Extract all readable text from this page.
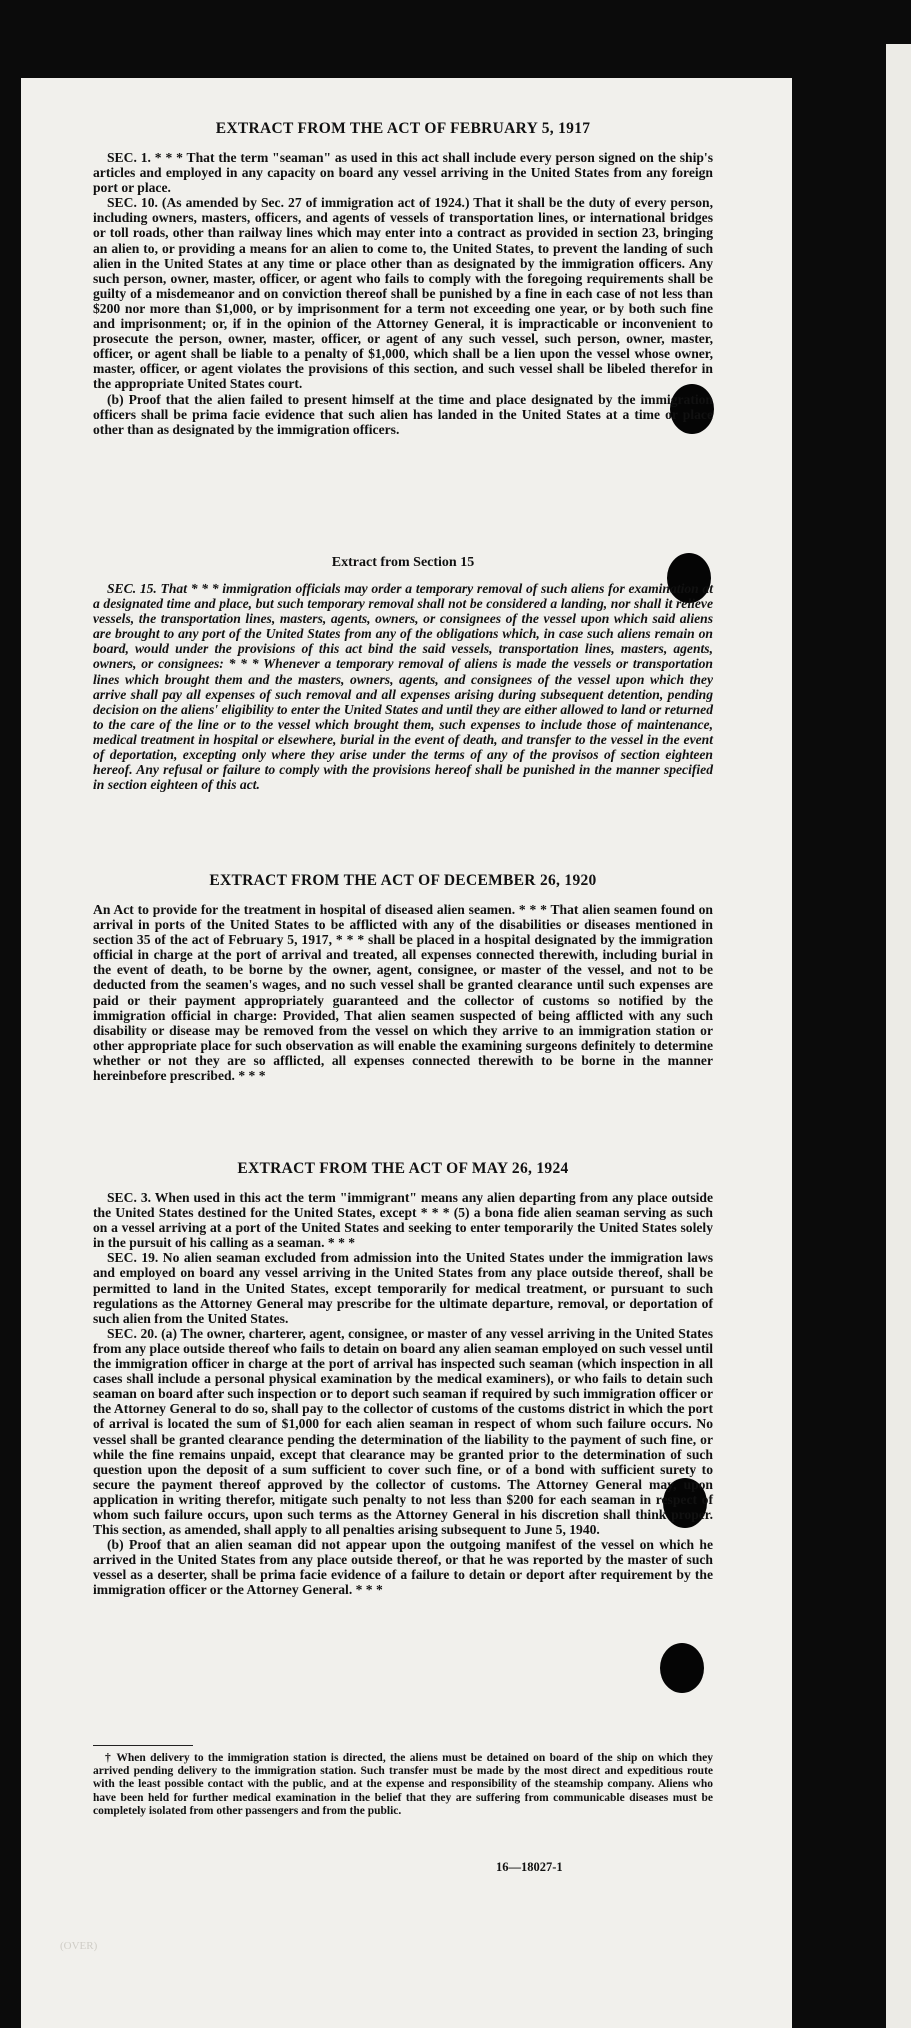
EXTRACT FROM THE ACT OF FEBRUARY 5, 1917

SEC. 1. * * * That the term "seaman" as used in this act shall include every person signed on the ship's articles and employed in any capacity on board any vessel arriving in the United States from any foreign port or place.

SEC. 10. (As amended by Sec. 27 of immigration act of 1924.) That it shall be the duty of every person, including owners, masters, officers, and agents of vessels of transportation lines, or international bridges or toll roads, other than railway lines which may enter into a contract as provided in section 23, bringing an alien to, or providing a means for an alien to come to, the United States, to prevent the landing of such alien in the United States at any time or place other than as designated by the immigration officers. Any such person, owner, master, officer, or agent who fails to comply with the foregoing requirements shall be guilty of a misdemeanor and on conviction thereof shall be punished by a fine in each case of not less than $200 nor more than $1,000, or by imprisonment for a term not exceeding one year, or by both such fine and imprisonment; or, if in the opinion of the Attorney General, it is impracticable or inconvenient to prosecute the person, owner, master, officer, or agent of any such vessel, such person, owner, master, officer, or agent shall be liable to a penalty of $1,000, which shall be a lien upon the vessel whose owner, master, officer, or agent violates the provisions of this section, and such vessel shall be libeled therefor in the appropriate United States court.

(b) Proof that the alien failed to present himself at the time and place designated by the immigration officers shall be prima facie evidence that such alien has landed in the United States at a time or place other than as designated by the immigration officers.

Extract from Section 15

SEC. 15. That * * * immigration officials may order a temporary removal of such aliens for examination at a designated time and place, but such temporary removal shall not be considered a landing, nor shall it relieve vessels, the transportation lines, masters, agents, owners, or consignees of the vessel upon which said aliens are brought to any port of the United States from any of the obligations which, in case such aliens remain on board, would under the provisions of this act bind the said vessels, transportation lines, masters, agents, owners, or consignees: * * * Whenever a temporary removal of aliens is made the vessels or transportation lines which brought them and the masters, owners, agents, and consignees of the vessel upon which they arrive shall pay all expenses of such removal and all expenses arising during subsequent detention, pending decision on the aliens' eligibility to enter the United States and until they are either allowed to land or returned to the care of the line or to the vessel which brought them, such expenses to include those of maintenance, medical treatment in hospital or elsewhere, burial in the event of death, and transfer to the vessel in the event of deportation, excepting only where they arise under the terms of any of the provisos of section eighteen hereof. Any refusal or failure to comply with the provisions hereof shall be punished in the manner specified in section eighteen of this act.

EXTRACT FROM THE ACT OF DECEMBER 26, 1920

An Act to provide for the treatment in hospital of diseased alien seamen. * * * That alien seamen found on arrival in ports of the United States to be afflicted with any of the disabilities or diseases mentioned in section 35 of the act of February 5, 1917, * * * shall be placed in a hospital designated by the immigration official in charge at the port of arrival and treated, all expenses connected therewith, including burial in the event of death, to be borne by the owner, agent, consignee, or master of the vessel, and not to be deducted from the seamen's wages, and no such vessel shall be granted clearance until such expenses are paid or their payment appropriately guaranteed and the collector of customs so notified by the immigration official in charge: Provided, That alien seamen suspected of being afflicted with any such disability or disease may be removed from the vessel on which they arrive to an immigration station or other appropriate place for such observation as will enable the examining surgeons definitely to determine whether or not they are so afflicted, all expenses connected therewith to be borne in the manner hereinbefore prescribed. * * *

EXTRACT FROM THE ACT OF MAY 26, 1924

SEC. 3. When used in this act the term "immigrant" means any alien departing from any place outside the United States destined for the United States, except * * * (5) a bona fide alien seaman serving as such on a vessel arriving at a port of the United States and seeking to enter temporarily the United States solely in the pursuit of his calling as a seaman. * * *

SEC. 19. No alien seaman excluded from admission into the United States under the immigration laws and employed on board any vessel arriving in the United States from any place outside thereof, shall be permitted to land in the United States, except temporarily for medical treatment, or pursuant to such regulations as the Attorney General may prescribe for the ultimate departure, removal, or deportation of such alien from the United States.

SEC. 20. (a) The owner, charterer, agent, consignee, or master of any vessel arriving in the United States from any place outside thereof who fails to detain on board any alien seaman employed on such vessel until the immigration officer in charge at the port of arrival has inspected such seaman (which inspection in all cases shall include a personal physical examination by the medical examiners), or who fails to detain such seaman on board after such inspection or to deport such seaman if required by such immigration officer or the Attorney General to do so, shall pay to the collector of customs of the customs district in which the port of arrival is located the sum of $1,000 for each alien seaman in respect of whom such failure occurs. No vessel shall be granted clearance pending the determination of the liability to the payment of such fine, or while the fine remains unpaid, except that clearance may be granted prior to the determination of such question upon the deposit of a sum sufficient to cover such fine, or of a bond with sufficient surety to secure the payment thereof approved by the collector of customs. The Attorney General may, upon application in writing therefor, mitigate such penalty to not less than $200 for each seaman in respect of whom such failure occurs, upon such terms as the Attorney General in his discretion shall think proper. This section, as amended, shall apply to all penalties arising subsequent to June 5, 1940.

(b) Proof that an alien seaman did not appear upon the outgoing manifest of the vessel on which he arrived in the United States from any place outside thereof, or that he was reported by the master of such vessel as a deserter, shall be prima facie evidence of a failure to detain or deport after requirement by the immigration officer or the Attorney General. * * *

† When delivery to the immigration station is directed, the aliens must be detained on board of the ship on which they arrived pending delivery to the immigration station. Such transfer must be made by the most direct and expeditious route with the least possible contact with the public, and at the expense and responsibility of the steamship company. Aliens who have been held for further medical examination in the belief that they are suffering from communicable diseases must be completely isolated from other passengers and from the public.

16—18027-1
(OVER)
